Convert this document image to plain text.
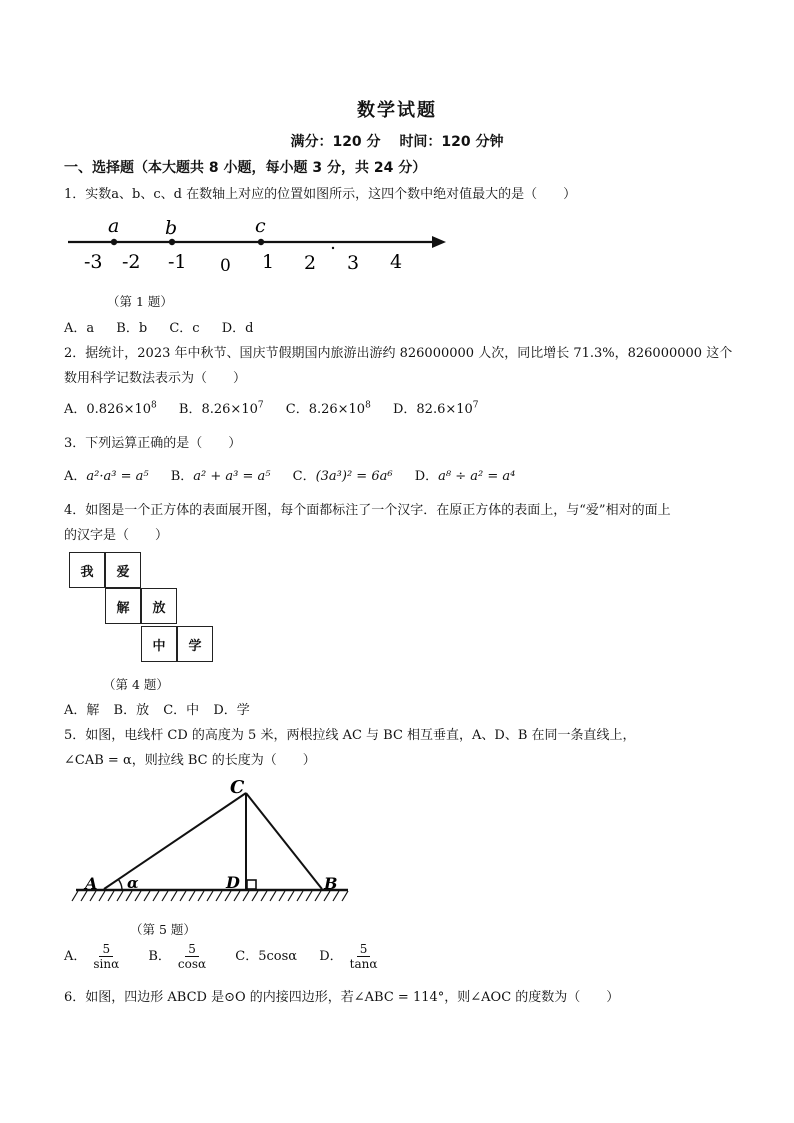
数学试题
满分：120 分 时间：120 分钟
一、选择题（本大题共 8 小题，每小题 3 分，共 24 分）
1．实数a、b、c、d 在数轴上对应的位置如图所示，这四个数中绝对值最大的是（　　）
a b	c
-3 -2 -1 0 1 2 3 4
（第 1 题）
A．a B．b C．c D．d
2．据统计，2023 年中秋节、国庆节假期国内旅游出游约 826000000 人次，同比增长 71.3%，826000000 这个
数用科学记数法表示为（　　）
A．$0.826\times 10^8$ B．$8.26\times 10^7$ C．$8.26\times 10^8$ D．$82.6\times 10^7$
3．下列运算正确的是（　　）
A．a²·a³ = a⁵ B．a² + a³ = a⁵ C．(3a³)² = 6a⁶ D．a⁸ ÷ a² = a⁴
4．如图是一个正方体的表面展开图，每个面都标注了一个汉字．在原正方体的表面上，与“爱”相对的面上
的汉字是（　　）
我	爱
解	放
中	学
（第 4 题）
A．解 B．放 C．中 D．学
5．如图，电线杆 CD 的高度为 5 米，两根拉线 AC 与 BC 相互垂直，A、D、B 在同一条直线上，
∠CAB = α，则拉线 BC 的长度为（　　）
A	B
C
D
α
（第 5 题）
A． $\frac{5}{\sin\alpha}$ B． $\frac{5}{\cos\alpha}$ C．5cosα D． $\frac{5}{\tan\alpha}$
6．如图，四边形 ABCD 是⊙O 的内接四边形，若∠ABC = 114°，则∠AOC 的度数为（　　）
